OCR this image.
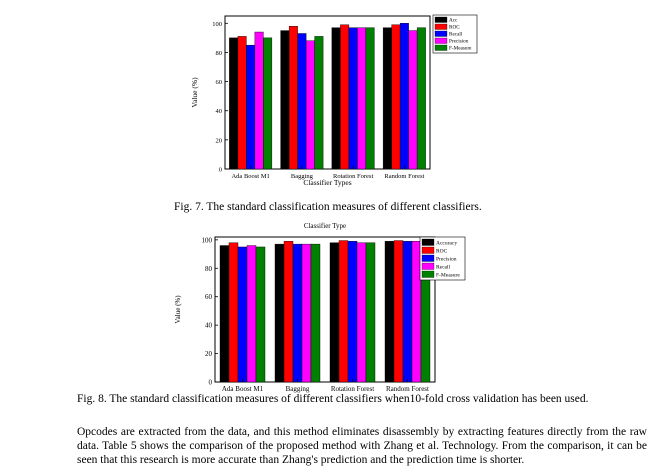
0
20
40
60
80
100
Value (%)
Ada Boost M1	Bagging	Rotation Forest Random Forest
Classifier Types
Acc
ROC
Recall
Precision
F-Measure
Fig. 7. The standard classification measures of different classifiers.
Classifier Type
0
20
40
60
80
100
Value (%)
Ada Boost M1	Bagging	Rotation Forest Random Forest
Accuracy
ROC
Precision
Recall
F-Measure
Fig. 8. The standard classification measures of different classifiers when10-fold cross validation has been used.
Opcodes are extracted from the data, and this method eliminates disassembly by extracting features directly from the raw data. Table 5 shows the comparison of the proposed method with Zhang et al. Technology. From the comparison, it can be seen that this research is more accurate than Zhang's prediction and the prediction time is shorter.
